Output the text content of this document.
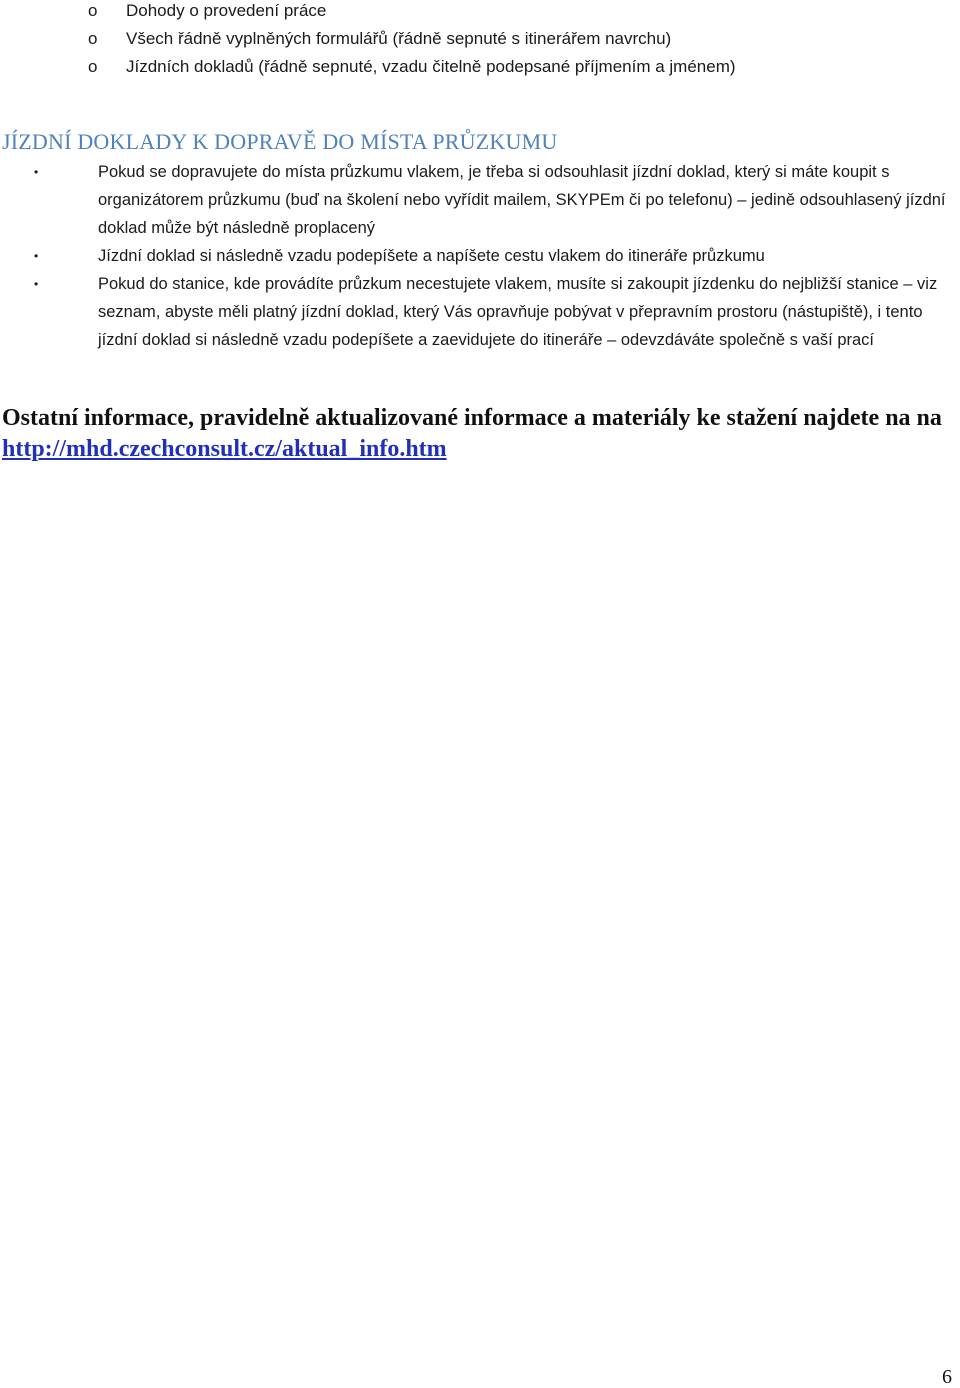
o Dohody o provedení práce
o Všech řádně vyplněných formulářů (řádně sepnuté s itinerářem navrchu)
o Jízdních dokladů (řádně sepnuté, vzadu čitelně podepsané příjmením a jménem)
JÍZDNÍ DOKLADY K DOPRAVĚ DO MÍSTA PRŮZKUMU
•	Pokud se dopravujete do místa průzkumu vlakem, je třeba si odsouhlasit jízdní doklad, který si máte koupit s organizátorem průzkumu (buď na školení nebo vyřídit mailem, SKYPEm či po telefonu) – jedině odsouhlasený jízdní doklad může být následně proplacený
•	Jízdní doklad si následně vzadu podepíšete a napíšete cestu vlakem do itineráře průzkumu
•	Pokud do stanice, kde provádíte průzkum necestujete vlakem, musíte si zakoupit jízdenku do nejbližší stanice – viz seznam, abyste měli platný jízdní doklad, který Vás opravňuje pobývat v přepravním prostoru (nástupiště), i tento jízdní doklad si následně vzadu podepíšete a zaevidujete do itineráře – odevzdáváte společně s vaší prací
Ostatní informace, pravidelně aktualizované informace a materiály ke stažení najdete na na http://mhd.czechconsult.cz/aktual_info.htm
6
